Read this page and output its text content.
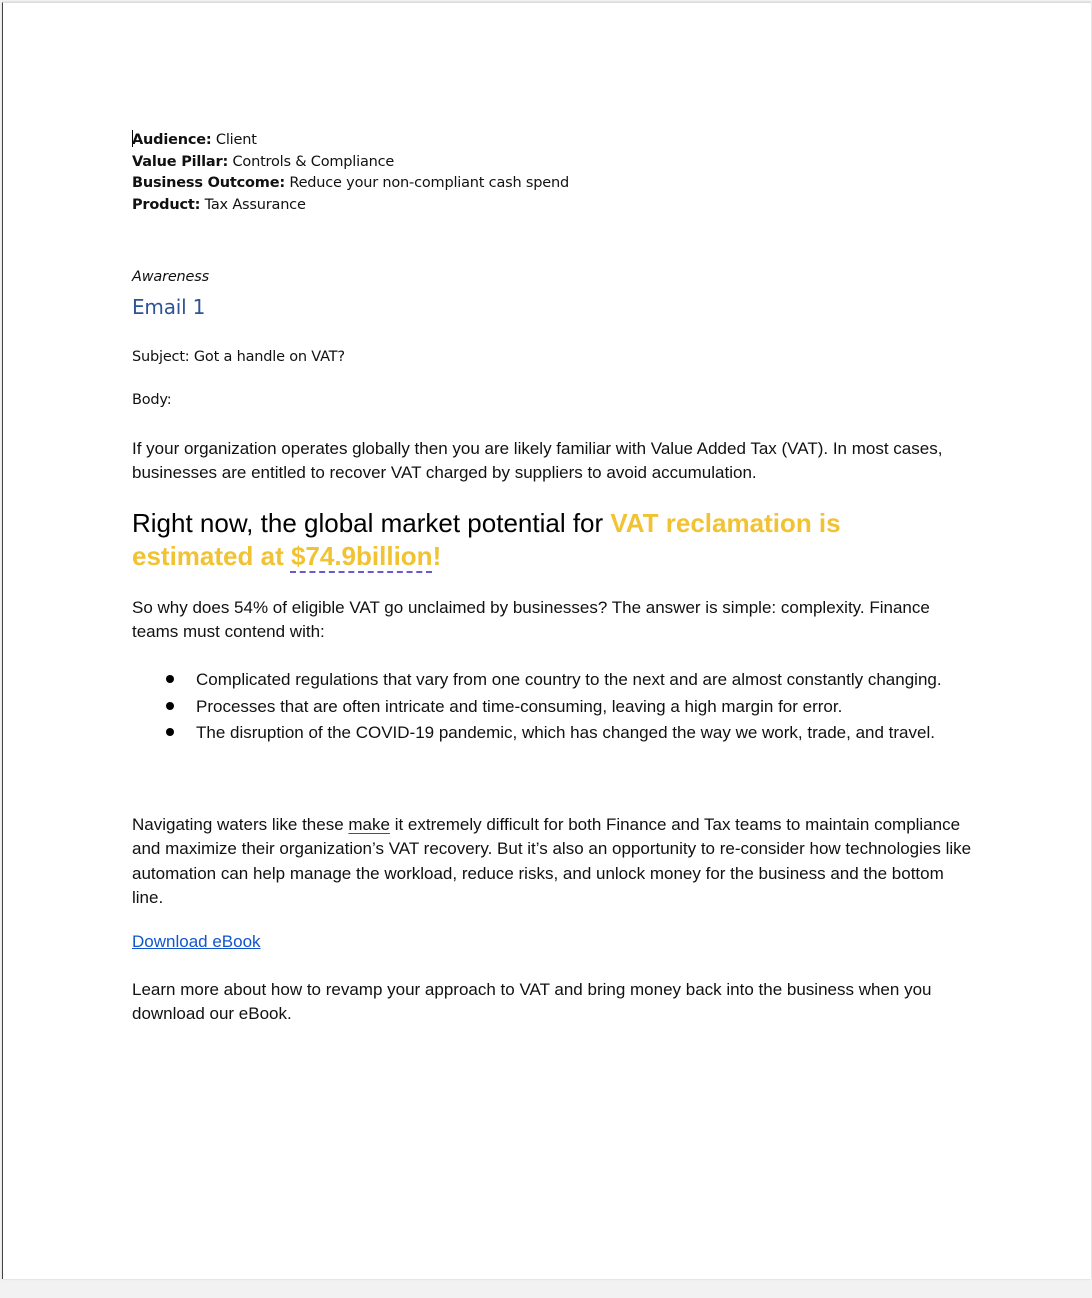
Audience: Client
Value Pillar: Controls & Compliance
Business Outcome: Reduce your non-compliant cash spend
Product: Tax Assurance
Awareness
Email 1
Subject: Got a handle on VAT?
Body:
If your organization operates globally then you are likely familiar with Value Added Tax (VAT). In most cases, businesses are entitled to recover VAT charged by suppliers to avoid accumulation.
Right now, the global market potential for VAT reclamation is estimated at $74.9billion!
So why does 54% of eligible VAT go unclaimed by businesses? The answer is simple: complexity. Finance teams must contend with:
Complicated regulations that vary from one country to the next and are almost constantly changing.
Processes that are often intricate and time-consuming, leaving a high margin for error.
The disruption of the COVID-19 pandemic, which has changed the way we work, trade, and travel.
Navigating waters like these make it extremely difficult for both Finance and Tax teams to maintain compliance and maximize their organization’s VAT recovery. But it’s also an opportunity to re-consider how technologies like automation can help manage the workload, reduce risks, and unlock money for the business and the bottom line.
Download eBook
Learn more about how to revamp your approach to VAT and bring money back into the business when you download our eBook.
